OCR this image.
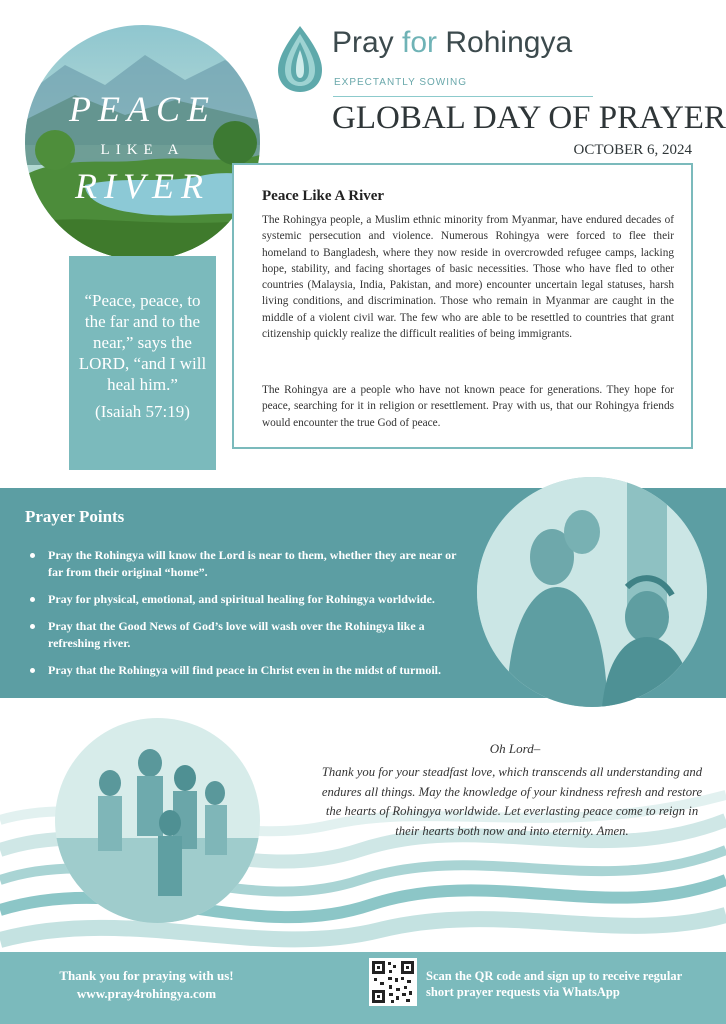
Pray for Rohingya
EXPECTANTLY SOWING
GLOBAL DAY OF PRAYER
OCTOBER 6, 2024
PEACE
LIKE A
RIVER
“Peace, peace, to the far and to the near,” says the LORD, “and I will heal him.”
(Isaiah 57:19)
Peace Like A River
The Rohingya people, a Muslim ethnic minority from Myanmar, have endured decades of systemic persecution and violence. Numerous Rohingya were forced to flee their homeland to Bangladesh, where they now reside in overcrowded refugee camps, lacking hope, stability, and facing shortages of basic necessities. Those who have fled to other countries (Malaysia, India, Pakistan, and more) encounter uncertain legal statuses, harsh living conditions, and discrimination. Those who remain in Myanmar are caught in the middle of a violent civil war. The few who are able to be resettled to countries that grant citizenship quickly realize the difficult realities of being immigrants.
The Rohingya are a people who have not known peace for generations. They hope for peace, searching for it in religion or resettlement. Pray with us, that our Rohingya friends would encounter the true God of peace.
Prayer Points
Pray the Rohingya will know the Lord is near to them, whether they are near or far from their original “home”.
Pray for physical, emotional, and spiritual healing for Rohingya worldwide.
Pray that the Good News of God’s love will wash over the Rohingya like a refreshing river.
Pray that the Rohingya will find peace in Christ even in the midst of turmoil.
Oh Lord–
Thank you for your steadfast love, which transcends all understanding and endures all things. May the knowledge of your kindness refresh and restore the hearts of Rohingya worldwide. Let everlasting peace come to reign in their hearts both now and into eternity. Amen.
Thank you for praying with us!
www.pray4rohingya.com
Scan the QR code and sign up to receive regular short prayer requests via WhatsApp
